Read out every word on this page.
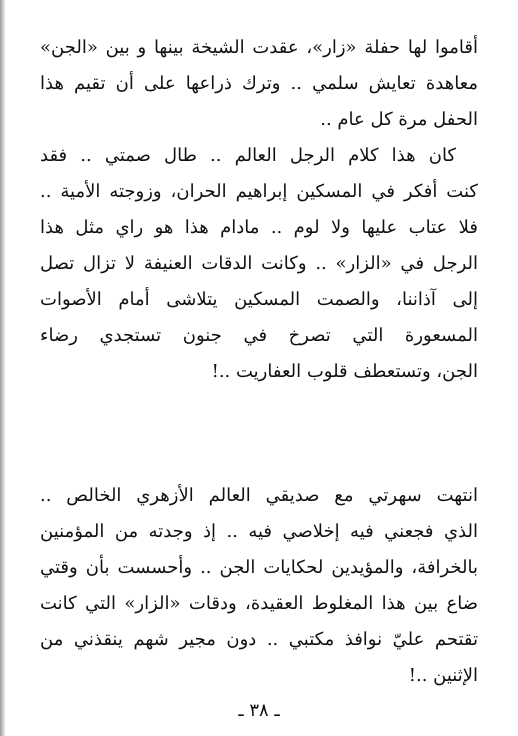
أقاموا لها حفلة «زار»، عقدت الشيخة بينها و بين «الجن»
معاهدة تعايش سلمي .. وترك ذراعها على أن تقيم هذا
الحفل مرة كل عام ..
كان هذا كلام الرجل العالم .. طال صمتي .. فقد
كنت أفكر في المسكين إبراهيم الحران، وزوجته الأمية ..
فلا عتاب عليها ولا لوم .. مادام هذا هو راي مثل هذا
الرجل في «الزار» .. وكانت الدقات العنيفة لا تزال تصل
إلى آذاننا، والصمت المسكين يتلاشى أمام الأصوات
المسعورة التي تصرخ في جنون تستجدي رضاء
الجن، وتستعطف قلوب العفاريت ..!
انتهت سهرتي مع صديقي العالم الأزهري الخالص ..
الذي فجعني فيه إخلاصي فيه .. إذ وجدته من المؤمنين
بالخرافة، والمؤيدين لحكايات الجن .. وأحسست بأن وقتي
ضاع بين هذا المغلوط العقيدة، ودقات «الزار» التي كانت
تقتحم عليّ نوافذ مكتبي .. دون مجير شهم ينقذني من
الإثنين ..!
ـ ٣٨ ـ
